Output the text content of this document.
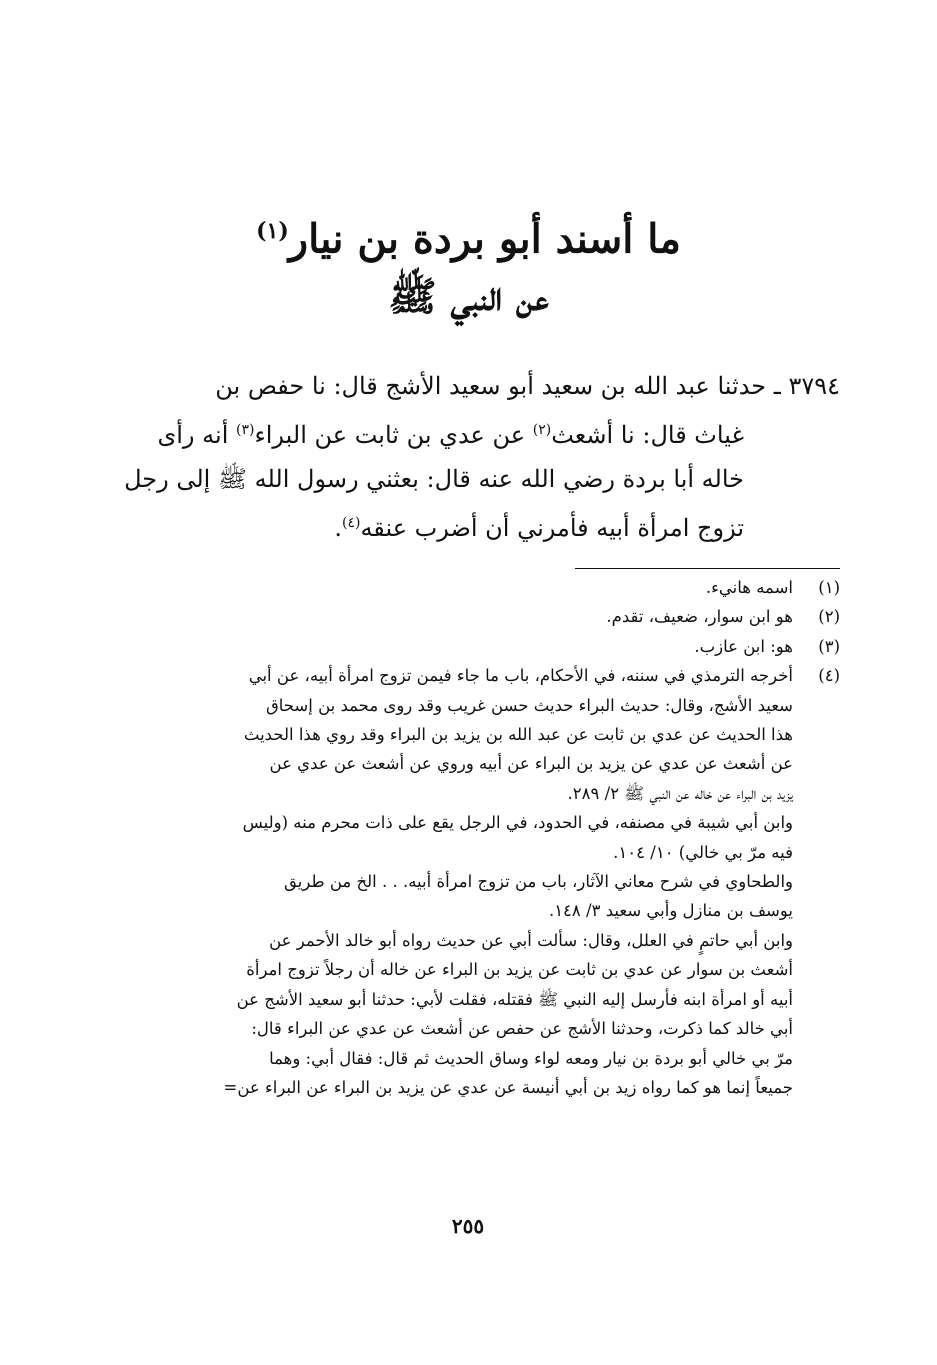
ما أسند أبو بردة بن نيار$^{(١)}$
عن النبي ﷺ

٣٧٩٤ ـ حدثنا عبد الله بن سعيد أبو سعيد الأشج قال: نا حفص بن

غياث قال: نا أشعث$^{(٢)}$ عن عدي بن ثابت عن البراء$^{(٣)}$ أنه رأى

خاله أبا بردة رضي الله عنه قال: بعثني رسول الله ﷺ إلى رجل

تزوج امرأة أبيه فأمرني أن أضرب عنقه$^{(٤)}$.

(١)اسمه هانيء.

(٢)هو ابن سوار، ضعيف، تقدم.

(٣)هو: ابن عازب.

(٤)أخرجه الترمذي في سننه، في الأحكام، باب ما جاء فيمن تزوج امرأة أبيه، عن أبي

سعيد الأشج، وقال: حديث البراء حديث حسن غريب وقد روى محمد بن إسحاق

هذا الحديث عن عدي بن ثابت عن عبد الله بن يزيد بن البراء وقد روي هذا الحديث

عن أشعث عن عدي عن يزيد بن البراء عن أبيه وروي عن أشعث عن عدي عن

يزيد بن البراء عن خاله عن النبي ﷺ ٢/ ٢٨٩.

وابن أبي شيبة في مصنفه، في الحدود، في الرجل يقع على ذات محرم منه (وليس

فيه مرّ بي خالي) ١٠/ ١٠٤.

والطحاوي في شرح معاني الآثار، باب من تزوج امرأة أبيه. . . الخ من طريق

يوسف بن منازل وأبي سعيد ٣/ ١٤٨.

وابن أبي حاتمٍ في العلل، وقال: سألت أبي عن حديث رواه أبو خالد الأحمر عن

أشعث بن سوار عن عدي بن ثابت عن يزيد بن البراء عن خاله أن رجلاً تزوج امرأة

أبيه أو امرأة ابنه فأرسل إليه النبي ﷺ فقتله، فقلت لأبي: حدثنا أبو سعيد الأشج عن

أبي خالد كما ذكرت، وحدثنا الأشج عن حفص عن أشعث عن عدي عن البراء قال:

مرّ بي خالي أبو بردة بن نيار ومعه لواء وساق الحديث ثم قال: فقال أبي: وهما

جميعاً إنما هو كما رواه زيد بن أبي أنيسة عن عدي عن يزيد بن البراء عن البراء عن=

٢٥٥
